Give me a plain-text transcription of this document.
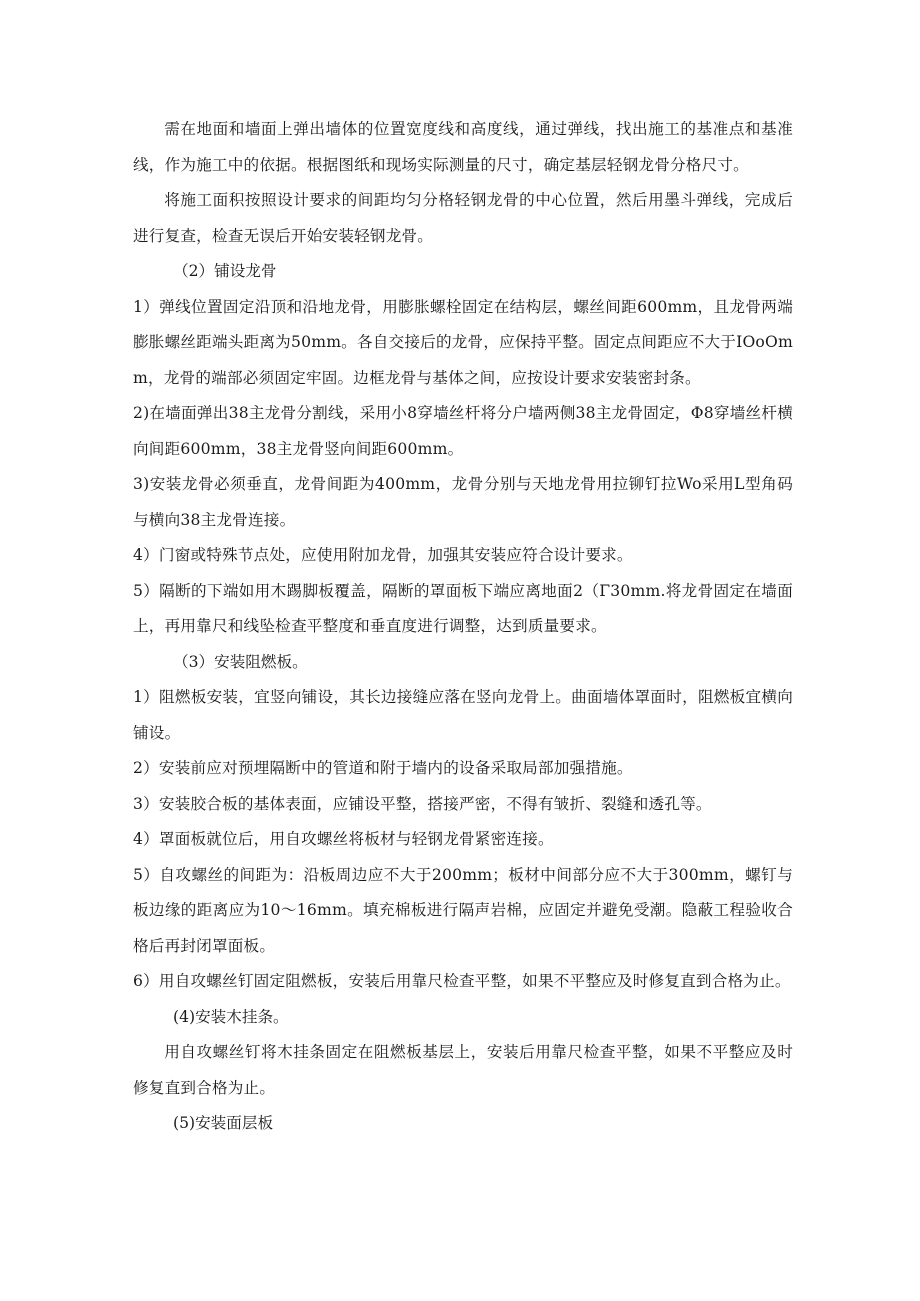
需在地面和墙面上弹出墙体的位置宽度线和高度线，通过弹线，找出施工的基准点和基准线，作为施工中的依据。根据图纸和现场实际测量的尺寸，确定基层轻钢龙骨分格尺寸。

将施工面积按照设计要求的间距均匀分格轻钢龙骨的中心位置，然后用墨斗弹线，完成后进行复查，检查无误后开始安装轻钢龙骨。

（2）铺设龙骨

1）弹线位置固定沿顶和沿地龙骨，用膨胀螺栓固定在结构层，螺丝间距600mm，且龙骨两端膨胀螺丝距端头距离为50mm。各自交接后的龙骨，应保持平整。固定点间距应不大于IOoOmm，龙骨的端部必须固定牢固。边框龙骨与基体之间，应按设计要求安装密封条。

2)在墙面弹出38主龙骨分割线，采用小8穿墙丝杆将分户墙两侧38主龙骨固定，Φ8穿墙丝杆横向间距600mm，38主龙骨竖向间距600mm。

3)安装龙骨必须垂直，龙骨间距为400mm，龙骨分别与天地龙骨用拉铆钉拉Wo采用L型角码与横向38主龙骨连接。

4）门窗或特殊节点处，应使用附加龙骨，加强其安装应符合设计要求。

5）隔断的下端如用木踢脚板覆盖，隔断的罩面板下端应离地面2（Γ30mm.将龙骨固定在墙面上，再用靠尺和线坠检查平整度和垂直度进行调整，达到质量要求。

（3）安装阻燃板。

1）阻燃板安装，宜竖向铺设，其长边接缝应落在竖向龙骨上。曲面墙体罩面时，阻燃板宜横向铺设。

2）安装前应对预埋隔断中的管道和附于墙内的设备采取局部加强措施。

3）安装胶合板的基体表面，应铺设平整，搭接严密，不得有皱折、裂缝和透孔等。

4）罩面板就位后，用自攻螺丝将板材与轻钢龙骨紧密连接。

5）自攻螺丝的间距为：沿板周边应不大于200mm；板材中间部分应不大于300mm，螺钉与板边缘的距离应为10～16mm。填充棉板进行隔声岩棉，应固定并避免受潮。隐蔽工程验收合格后再封闭罩面板。

6）用自攻螺丝钉固定阻燃板，安装后用靠尺检查平整，如果不平整应及时修复直到合格为止。

(4)安装木挂条。

用自攻螺丝钉将木挂条固定在阻燃板基层上，安装后用靠尺检查平整，如果不平整应及时修复直到合格为止。

(5)安装面层板
